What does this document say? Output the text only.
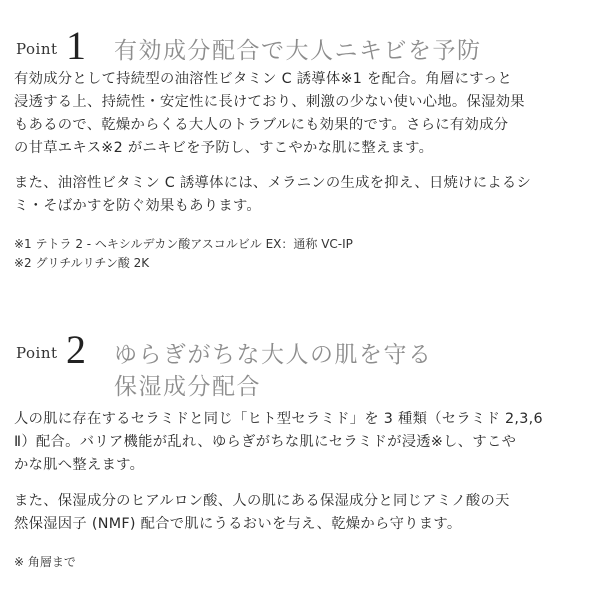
Point 1 有効成分配合で大人ニキビを予防

有効成分として持続型の油溶性ビタミン C 誘導体※1 を配合。角層にすっと

浸透する上、持続性・安定性に長けており、刺激の少ない使い心地。保湿効果

もあるので、乾燥からくる大人のトラブルにも効果的です。さらに有効成分

の甘草エキス※2 がニキビを予防し、すこやかな肌に整えます。

また、油溶性ビタミン C 誘導体には、メラニンの生成を抑え、日焼けによるシ

ミ・そばかすを防ぐ効果もあります。

※1 テトラ 2 - ヘキシルデカン酸アスコルビル EX：通称 VC-IP

※2 グリチルリチン酸 2K

Point 2 ゆらぎがちな大人の肌を守る
保湿成分配合

人の肌に存在するセラミドと同じ「ヒト型セラミド」を 3 種類（セラミド 2,3,6

Ⅱ）配合。バリア機能が乱れ、ゆらぎがちな肌にセラミドが浸透※し、すこや

かな肌へ整えます。

また、保湿成分のヒアルロン酸、人の肌にある保湿成分と同じアミノ酸の天

然保湿因子 (NMF) 配合で肌にうるおいを与え、乾燥から守ります。

※ 角層まで
